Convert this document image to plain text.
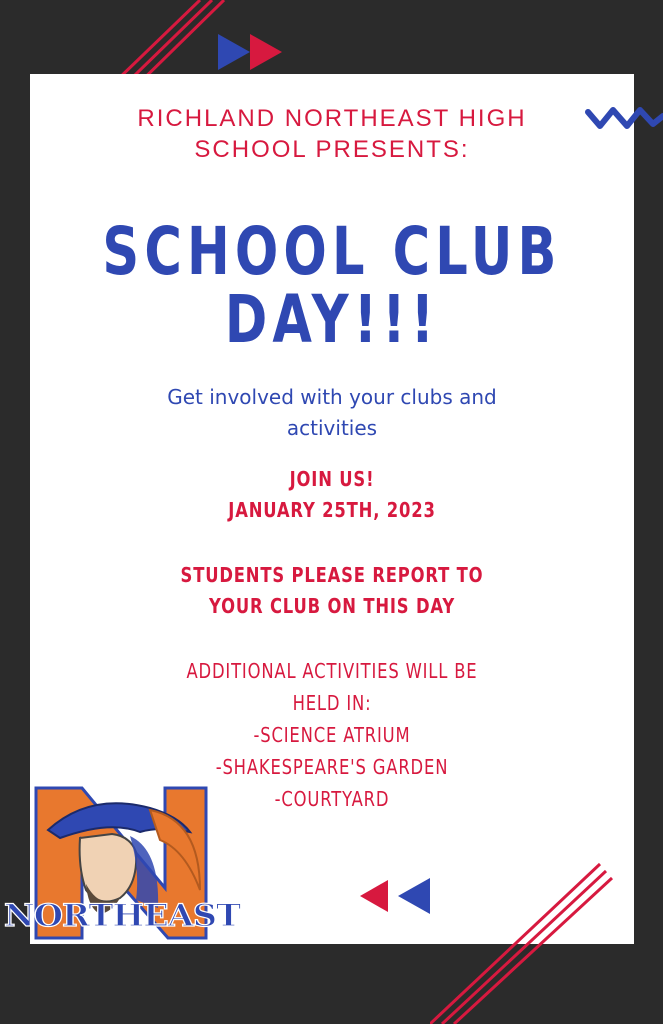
RICHLAND NORTHEAST HIGH
SCHOOL PRESENTS:

SCHOOL CLUB
DAY!!!

Get involved with your clubs and
activities

JOIN US!
JANUARY 25TH, 2023

STUDENTS PLEASE REPORT TO
YOUR CLUB ON THIS DAY

ADDITIONAL ACTIVITIES WILL BE
HELD IN:
-SCIENCE ATRIUM
-SHAKESPEARE'S GARDEN
-COURTYARD

NORTHEAST
